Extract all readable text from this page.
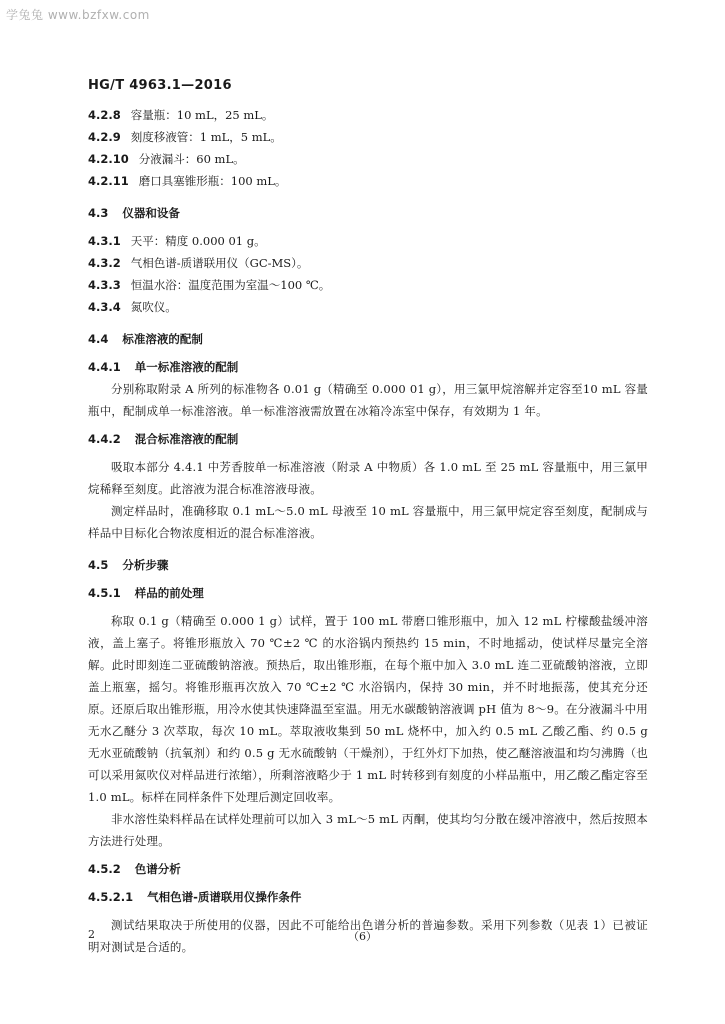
学兔兔 www.bzfxw.com
HG/T 4963.1—2016
4.2.8 容量瓶：10 mL，25 mL。
4.2.9 刻度移液管：1 mL，5 mL。
4.2.10 分液漏斗：60 mL。
4.2.11 磨口具塞锥形瓶：100 mL。
4.3 仪器和设备
4.3.1 天平：精度 0.000 01 g。
4.3.2 气相色谱-质谱联用仪（GC-MS）。
4.3.3 恒温水浴：温度范围为室温～100 ℃。
4.3.4 氮吹仪。
4.4 标准溶液的配制
4.4.1 单一标准溶液的配制
分别称取附录 A 所列的标准物各 0.01 g（精确至 0.000 01 g），用三氯甲烷溶解并定容至10 mL 容量瓶中，配制成单一标准溶液。单一标准溶液需放置在冰箱冷冻室中保存，有效期为 1 年。
4.4.2 混合标准溶液的配制
吸取本部分 4.4.1 中芳香胺单一标准溶液（附录 A 中物质）各 1.0 mL 至 25 mL 容量瓶中，用三氯甲烷稀释至刻度。此溶液为混合标准溶液母液。
测定样品时，准确移取 0.1 mL～5.0 mL 母液至 10 mL 容量瓶中，用三氯甲烷定容至刻度，配制成与样品中目标化合物浓度相近的混合标准溶液。
4.5 分析步骤
4.5.1 样品的前处理
称取 0.1 g（精确至 0.000 1 g）试样，置于 100 mL 带磨口锥形瓶中，加入 12 mL 柠檬酸盐缓冲溶液，盖上塞子。将锥形瓶放入 70 ℃±2 ℃ 的水浴锅内预热约 15 min，不时地摇动，使试样尽量完全溶解。此时即刻连二亚硫酸钠溶液。预热后，取出锥形瓶，在每个瓶中加入 3.0 mL 连二亚硫酸钠溶液，立即盖上瓶塞，摇匀。将锥形瓶再次放入 70 ℃±2 ℃ 水浴锅内，保持 30 min，并不时地振荡，使其充分还原。还原后取出锥形瓶，用冷水使其快速降温至室温。用无水碳酸钠溶液调 pH 值为 8～9。在分液漏斗中用无水乙醚分 3 次萃取，每次 10 mL。萃取液收集到 50 mL 烧杯中，加入约 0.5 mL 乙酸乙酯、约 0.5 g 无水亚硫酸钠（抗氧剂）和约 0.5 g 无水硫酸钠（干燥剂），于红外灯下加热，使乙醚溶液温和均匀沸腾（也可以采用氮吹仪对样品进行浓缩），所剩溶液略少于 1 mL 时转移到有刻度的小样品瓶中，用乙酸乙酯定容至 1.0 mL。标样在同样条件下处理后测定回收率。
非水溶性染料样品在试样处理前可以加入 3 mL～5 mL 丙酮，使其均匀分散在缓冲溶液中，然后按照本方法进行处理。
4.5.2 色谱分析
4.5.2.1 气相色谱-质谱联用仪操作条件
测试结果取决于所使用的仪器，因此不可能给出色谱分析的普遍参数。采用下列参数（见表 1）已被证明对测试是合适的。
2	（6）
